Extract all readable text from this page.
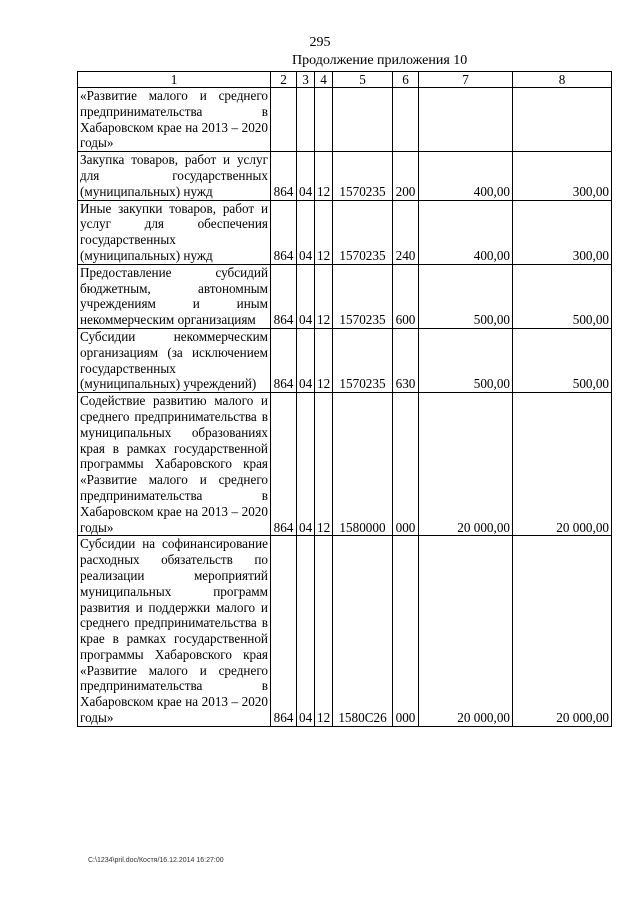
295
Продолжение приложения 10
1	2	3	4	5	6	7	8
«Развитие малого и среднего предпринимательства в Хабаровском крае на 2013 – 2020 годы»							
Закупка товаров, работ и услуг для государственных (муниципальных) нужд	864	04	12	1570235	200	400,00	300,00
Иные закупки товаров, работ и услуг для обеспечения государственных (муниципальных) нужд	864	04	12	1570235	240	400,00	300,00
Предоставление субсидий бюджетным, автономным учреждениям и иным некоммерческим организациям	864	04	12	1570235	600	500,00	500,00
Субсидии некоммерческим организациям (за исключением государственных (муниципальных) учреждений)	864	04	12	1570235	630	500,00	500,00
Содействие развитию малого и среднего предпринимательства в муниципальных образованиях края в рамках государственной программы Хабаровского края «Развитие малого и среднего предпринимательства в Хабаровском крае на 2013 – 2020 годы»	864	04	12	1580000	000	20 000,00	20 000,00
Субсидии на софинансирование расходных обязательств по реализации мероприятий муниципальных программ развития и поддержки малого и среднего предпринимательства в крае в рамках государственной программы Хабаровского края «Развитие малого и среднего предпринимательства в Хабаровском крае на 2013 – 2020 годы»	864	04	12	1580С26	000	20 000,00	20 000,00
C:\1234\pril.doc/Костя/16.12.2014 16:27:00
